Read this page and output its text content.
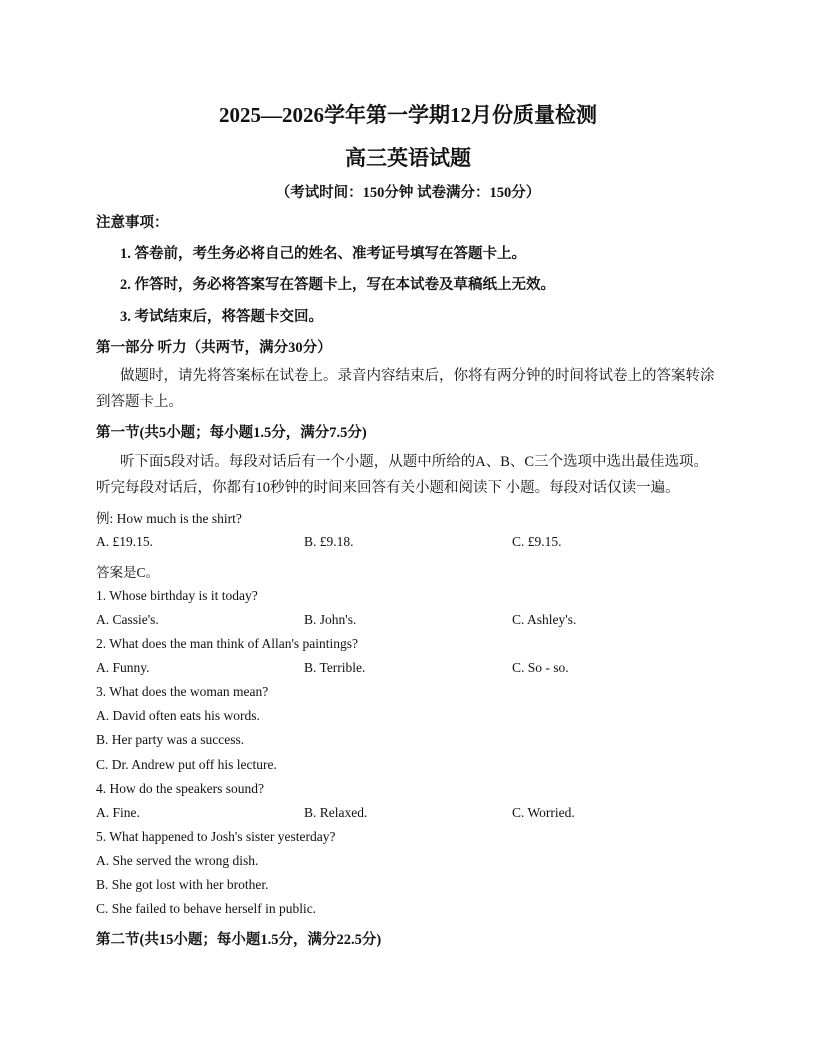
2025—2026学年第一学期12月份质量检测
高三英语试题
（考试时间：150分钟 试卷满分：150分）
注意事项：
1. 答卷前，考生务必将自己的姓名、准考证号填写在答题卡上。
2. 作答时，务必将答案写在答题卡上，写在本试卷及草稿纸上无效。
3. 考试结束后，将答题卡交回。
第一部分 听力（共两节，满分30分）
做题时，请先将答案标在试卷上。录音内容结束后，你将有两分钟的时间将试卷上的答案转涂到答题卡上。
第一节(共5小题；每小题1.5分，满分7.5分)
听下面5段对话。每段对话后有一个小题，从题中所给的A、B、C三个选项中选出最佳选项。听完每段对话后，你都有10秒钟的时间来回答有关小题和阅读下 小题。每段对话仅读一遍。
例: How much is the shirt?
A. £19.15.	B. £9.18.	C. £9.15.
答案是C。
1. Whose birthday is it today?
A. Cassie's.	B. John's.	C. Ashley's.
2. What does the man think of Allan's paintings?
A. Funny.	B. Terrible.	C. So - so.
3. What does the woman mean?
A. David often eats his words.
B. Her party was a success.
C. Dr. Andrew put off his lecture.
4. How do the speakers sound?
A. Fine.	B. Relaxed.	C. Worried.
5. What happened to Josh's sister yesterday?
A. She served the wrong dish.
B. She got lost with her brother.
C. She failed to behave herself in public.
第二节(共15小题；每小题1.5分，满分22.5分)
